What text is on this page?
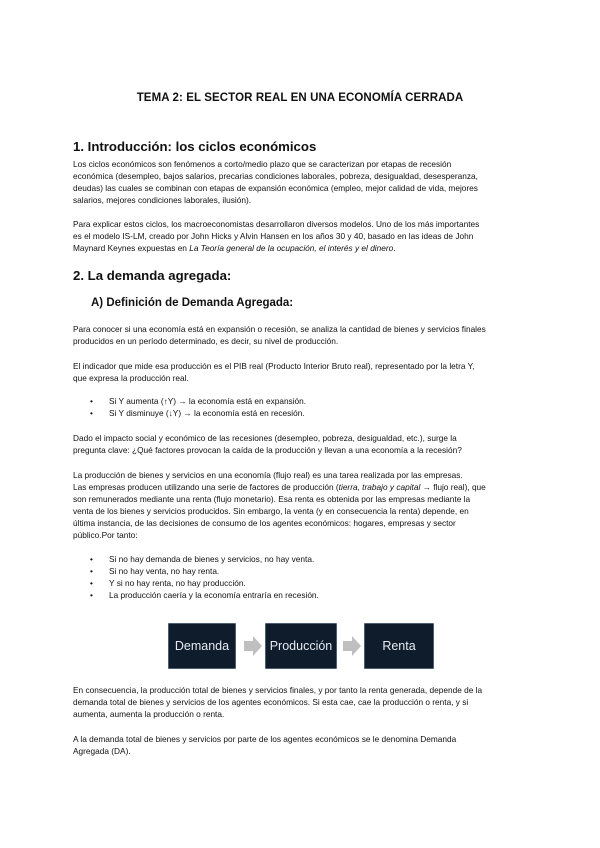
TEMA 2: EL SECTOR REAL EN UNA ECONOMÍA CERRADA
1. Introducción: los ciclos económicos
Los ciclos económicos son fenómenos a corto/medio plazo que se caracterizan por etapas de recesión
económica (desempleo, bajos salarios, precarias condiciones laborales, pobreza, desigualdad, desesperanza,
deudas) las cuales se combinan con etapas de expansión económica (empleo, mejor calidad de vida, mejores
salarios, mejores condiciones laborales, ilusión).
Para explicar estos ciclos, los macroeconomistas desarrollaron diversos modelos. Uno de los más importantes
es el modelo IS-LM, creado por John Hicks y Alvin Hansen en los años 30 y 40, basado en las ideas de John
Maynard Keynes expuestas en La Teoría general de la ocupación, el interés y el dinero.
2. La demanda agregada:
A) Definición de Demanda Agregada:
Para conocer si una economía está en expansión o recesión, se analiza la cantidad de bienes y servicios finales
producidos en un período determinado, es decir, su nivel de producción.
El indicador que mide esa producción es el PIB real (Producto Interior Bruto real), representado por la letra Y,
que expresa la producción real.
• Si Y aumenta (↑Y) → la economía está en expansión.
• Si Y disminuye (↓Y) → la economía está en recesión.
Dado el impacto social y económico de las recesiones (desempleo, pobreza, desigualdad, etc.), surge la
pregunta clave: ¿Qué factores provocan la caída de la producción y llevan a una economía a la recesión?
La producción de bienes y servicios en una economía (flujo real) es una tarea realizada por las empresas.
Las empresas producen utilizando una serie de factores de producción (tierra, trabajo y capital → flujo real), que
son remunerados mediante una renta (flujo monetario). Esa renta es obtenida por las empresas mediante la
venta de los bienes y servicios producidos. Sin embargo, la venta (y en consecuencia la renta) depende, en
última instancia, de las decisiones de consumo de los agentes económicos: hogares, empresas y sector
público.Por tanto:
• Si no hay demanda de bienes y servicios, no hay venta.
• Si no hay venta, no hay renta.
• Y si no hay renta, no hay producción.
• La producción caería y la economía entraría en recesión.
Demanda	Producción	Renta
En consecuencia, la producción total de bienes y servicios finales, y por tanto la renta generada, depende de la
demanda total de bienes y servicios de los agentes económicos. Si esta cae, cae la producción o renta, y si
aumenta, aumenta la producción o renta.
A la demanda total de bienes y servicios por parte de los agentes económicos se le denomina Demanda
Agregada (DA).
